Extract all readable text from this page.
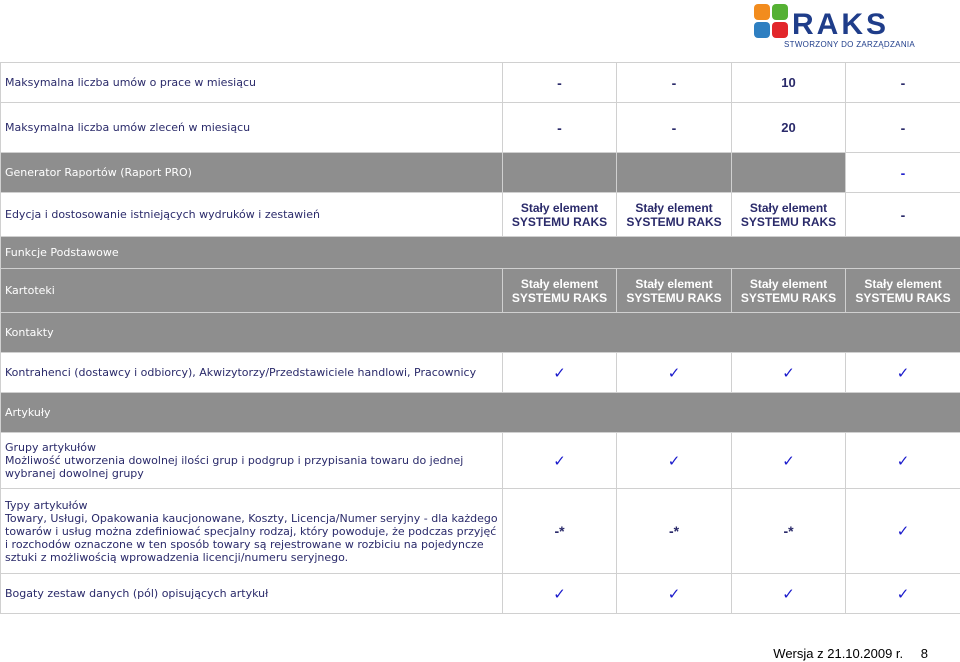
RAKS
STWORZONY DO ZARZĄDZANIA
Maksymalna liczba umów o prace w miesiącu	-	-	10	-
Maksymalna liczba umów zleceń w miesiącu	-	-	20	-
Generator Raportów (Raport PRO)				-
Edycja i dostosowanie istniejących wydruków i zestawień	Stały element SYSTEMU RAKS	Stały element SYSTEMU RAKS	Stały element SYSTEMU RAKS	-
Funkcje Podstawowe				
Kartoteki	Stały element SYSTEMU RAKS	Stały element SYSTEMU RAKS	Stały element SYSTEMU RAKS	Stały element SYSTEMU RAKS
Kontakty				
Kontrahenci (dostawcy i odbiorcy), Akwizytorzy/Przedstawiciele handlowi, Pracownicy	✓	✓	✓	✓
Artykuły				

Grupy artykułów
Możliwość utworzenia dowolnej ilości grup i podgrup i przypisania towaru do jednej wybranej dowolnej grupy	✓	✓	✓	✓

Typy artykułów
Towary, Usługi, Opakowania kaucjonowane, Koszty, Licencja/Numer seryjny - dla każdego towarów i usług można zdefiniować specjalny rodzaj, który powoduje, że podczas przyjęć i rozchodów oznaczone w ten sposób towary są rejestrowane w rozbiciu na pojedyncze sztuki z możliwością wprowadzenia licencji/numeru seryjnego.	-*	-*	-*	✓
Bogaty zestaw danych (pól) opisujących artykuł	✓	✓	✓	✓
Wersja z 21.10.2009 r. 8
